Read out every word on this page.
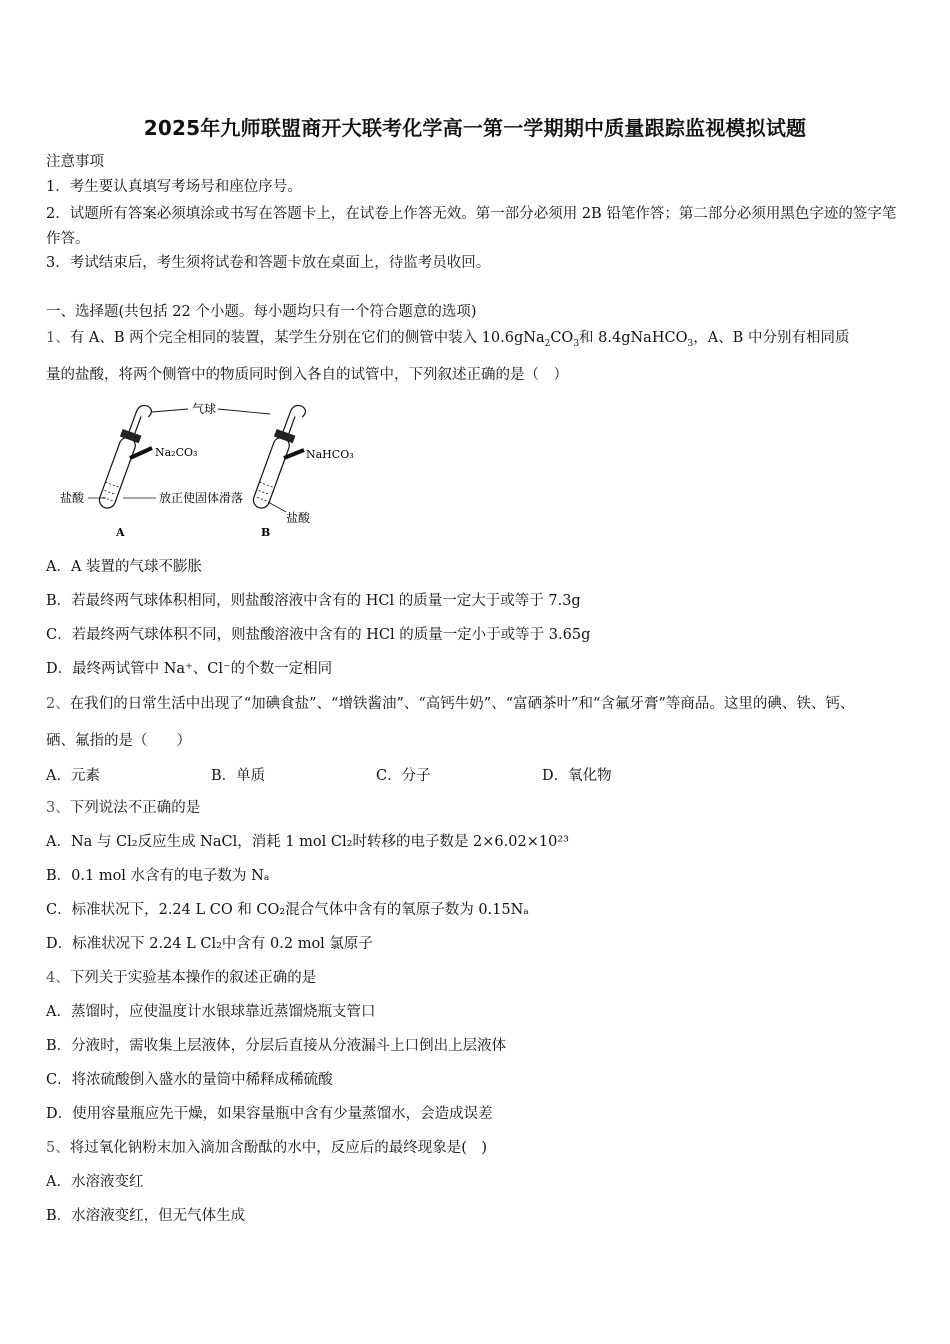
2025年九师联盟商开大联考化学高一第一学期期中质量跟踪监视模拟试题
注意事项
1．考生要认真填写考场号和座位序号。
2．试题所有答案必须填涂或书写在答题卡上，在试卷上作答无效。第一部分必须用 2B 铅笔作答；第二部分必须用黑色字迹的签字笔作答。
3．考试结束后，考生须将试卷和答题卡放在桌面上，待监考员收回。
一、选择题(共包括 22 个小题。每小题均只有一个符合题意的选项)
1、有 A、B 两个完全相同的装置，某学生分别在它们的侧管中装入 $10.6gNa_2CO_3$和 8.4gNaHCO$_3$，A、B 中分别有相同质
量的盐酸，将两个侧管中的物质同时倒入各自的试管中，下列叙述正确的是（　）
气球
Na₂CO₃
盐酸	放正使固体滑落
A
NaHCO₃
盐酸
B
A．A 装置的气球不膨胀
B．若最终两气球体积相同，则盐酸溶液中含有的 HCl 的质量一定大于或等于 7.3g
C．若最终两气球体积不同，则盐酸溶液中含有的 HCl 的质量一定小于或等于 3.65g
D．最终两试管中 Na⁺、Cl⁻的个数一定相同
2、在我们的日常生活中出现了“加碘食盐”、“增铁酱油”、“高钙牛奶”、“富硒茶叶”和“含氟牙膏”等商品。这里的碘、铁、钙、
硒、氟指的是（　　）
A．元素	B．单质	C．分子	D．氧化物
3、下列说法不正确的是
A．Na 与 Cl₂反应生成 NaCl，消耗 1 mol Cl₂时转移的电子数是 2×6.02×10²³
B．0.1 mol 水含有的电子数为 Nₐ
C．标准状况下，2.24 L CO 和 CO₂混合气体中含有的氧原子数为 0.15Nₐ
D．标准状况下 2.24 L Cl₂中含有 0.2 mol 氯原子
4、下列关于实验基本操作的叙述正确的是
A．蒸馏时，应使温度计水银球靠近蒸馏烧瓶支管口
B．分液时，需收集上层液体，分层后直接从分液漏斗上口倒出上层液体
C．将浓硫酸倒入盛水的量筒中稀释成稀硫酸
D．使用容量瓶应先干燥，如果容量瓶中含有少量蒸馏水，会造成误差
5、将过氧化钠粉末加入滴加含酚酞的水中，反应后的最终现象是(　)
A．水溶液变红
B．水溶液变红，但无气体生成
